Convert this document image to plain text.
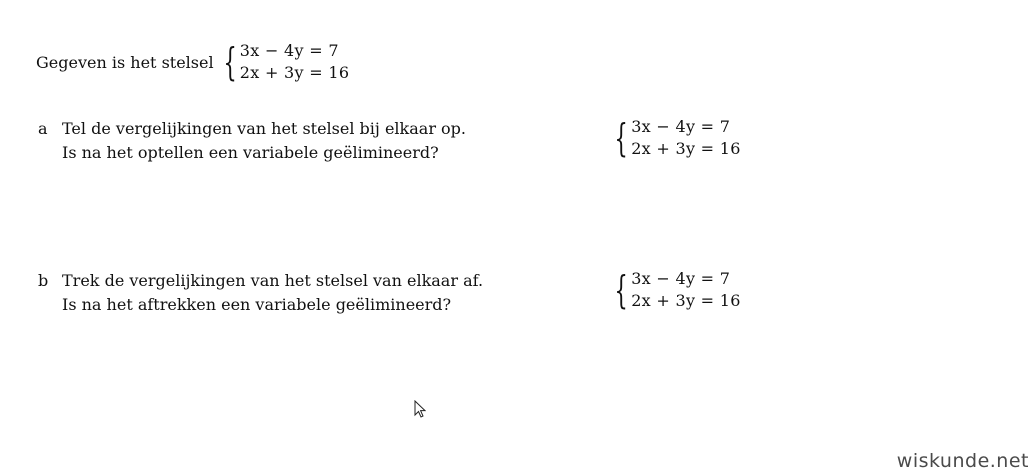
Gegeven is het stelsel { 3x − 4y = 7
2x + 3y = 16
a Tel de vergelijkingen van het stelsel bij elkaar op.
Is na het optellen een variabele geëlimineerd?	{ 3x − 4y = 7
2x + 3y = 16
b Trek de vergelijkingen van het stelsel van elkaar af.
Is na het aftrekken een variabele geëlimineerd?	{ 3x − 4y = 7
2x + 3y = 16
wiskunde.net
